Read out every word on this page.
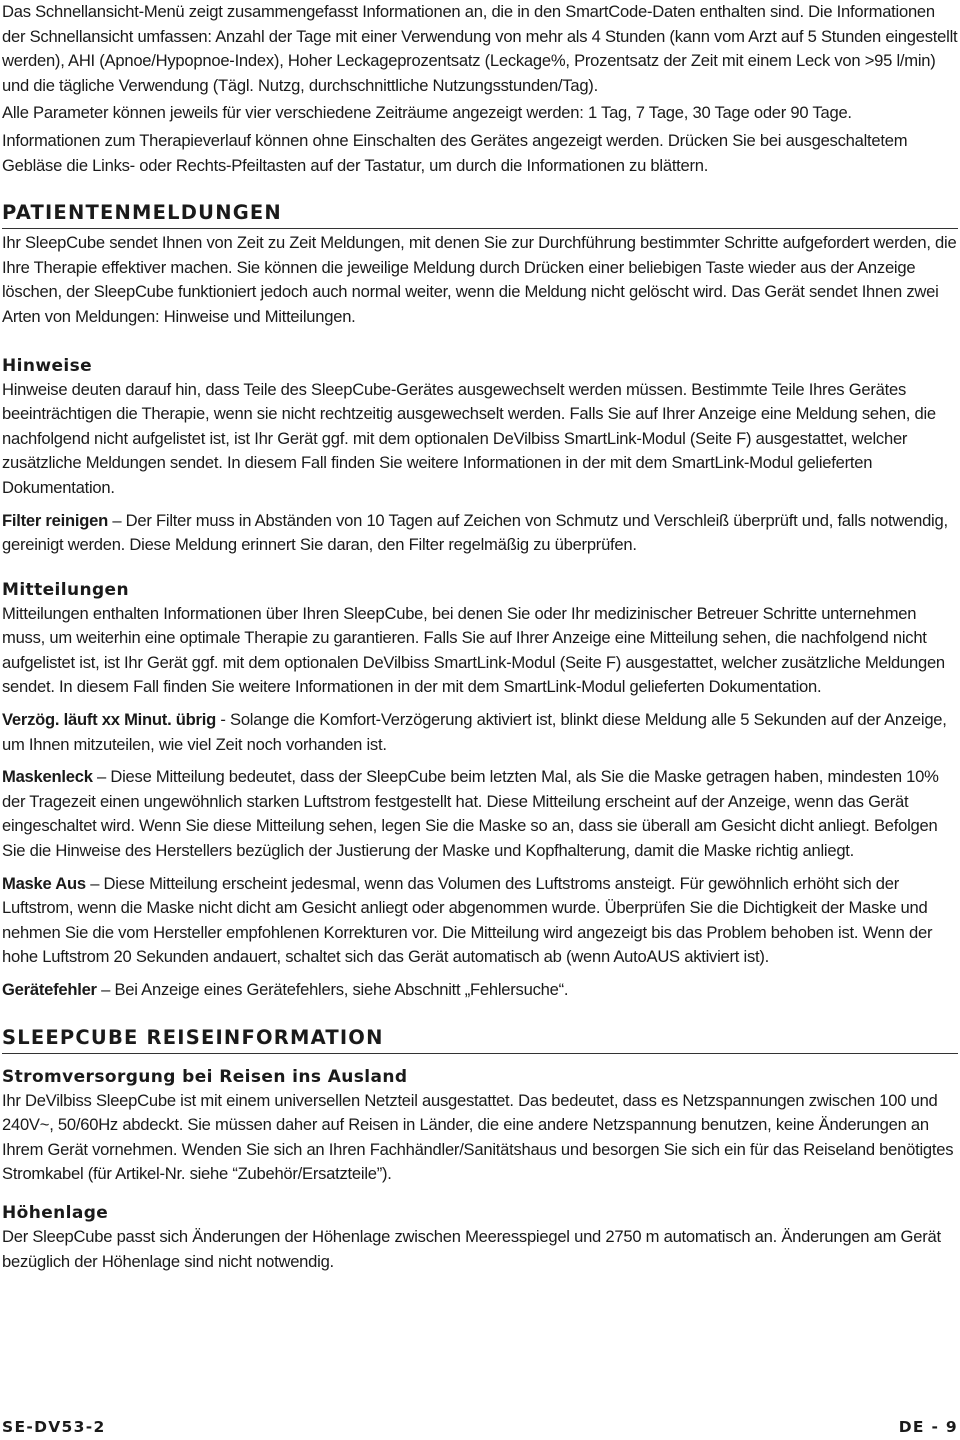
Das Schnellansicht-Menü zeigt zusammengefasst Informationen an, die in den SmartCode-Daten enthalten sind. Die Informationen der Schnellansicht umfassen: Anzahl der Tage mit einer Verwendung von mehr als 4 Stunden (kann vom Arzt auf 5 Stunden eingestellt werden), AHI (Apnoe/Hypopnoe-Index), Hoher Leckageprozentsatz (Leckage%, Prozentsatz der Zeit mit einem Leck von >95 l/min) und die tägliche Verwendung (Tägl. Nutzg, durchschnittliche Nutzungsstunden/Tag).

Alle Parameter können jeweils für vier verschiedene Zeiträume angezeigt werden: 1 Tag, 7 Tage, 30 Tage oder 90 Tage.

Informationen zum Therapieverlauf können ohne Einschalten des Gerätes angezeigt werden. Drücken Sie bei ausgeschaltetem Gebläse die Links- oder Rechts-Pfeiltasten auf der Tastatur, um durch die Informationen zu blättern.

PATIENTENMELDUNGEN

Ihr SleepCube sendet Ihnen von Zeit zu Zeit Meldungen, mit denen Sie zur Durchführung bestimmter Schritte aufgefordert werden, die Ihre Therapie effektiver machen. Sie können die jeweilige Meldung durch Drücken einer beliebigen Taste wieder aus der Anzeige löschen, der SleepCube funktioniert jedoch auch normal weiter, wenn die Meldung nicht gelöscht wird. Das Gerät sendet Ihnen zwei Arten von Meldungen: Hinweise und Mitteilungen.

Hinweise

Hinweise deuten darauf hin, dass Teile des SleepCube-Gerätes ausgewechselt werden müssen. Bestimmte Teile Ihres Gerätes beeinträchtigen die Therapie, wenn sie nicht rechtzeitig ausgewechselt werden. Falls Sie auf Ihrer Anzeige eine Meldung sehen, die nachfolgend nicht aufgelistet ist, ist Ihr Gerät ggf. mit dem optionalen DeVilbiss SmartLink-Modul (Seite F) ausgestattet, welcher zusätzliche Meldungen sendet. In diesem Fall finden Sie weitere Informationen in der mit dem SmartLink-Modul gelieferten Dokumentation.

Filter reinigen – Der Filter muss in Abständen von 10 Tagen auf Zeichen von Schmutz und Verschleiß überprüft und, falls notwendig, gereinigt werden. Diese Meldung erinnert Sie daran, den Filter regelmäßig zu überprüfen.

Mitteilungen

Mitteilungen enthalten Informationen über Ihren SleepCube, bei denen Sie oder Ihr medizinischer Betreuer Schritte unternehmen muss, um weiterhin eine optimale Therapie zu garantieren. Falls Sie auf Ihrer Anzeige eine Mitteilung sehen, die nachfolgend nicht aufgelistet ist, ist Ihr Gerät ggf. mit dem optionalen DeVilbiss SmartLink-Modul (Seite F) ausgestattet, welcher zusätzliche Meldungen sendet. In diesem Fall finden Sie weitere Informationen in der mit dem SmartLink-Modul gelieferten Dokumentation.

Verzög. läuft xx Minut. übrig - Solange die Komfort-Verzögerung aktiviert ist, blinkt diese Meldung alle 5 Sekunden auf der Anzeige, um Ihnen mitzuteilen, wie viel Zeit noch vorhanden ist.

Maskenleck – Diese Mitteilung bedeutet, dass der SleepCube beim letzten Mal, als Sie die Maske getragen haben, mindesten 10% der Tragezeit einen ungewöhnlich starken Luftstrom festgestellt hat. Diese Mitteilung erscheint auf der Anzeige, wenn das Gerät eingeschaltet wird. Wenn Sie diese Mitteilung sehen, legen Sie die Maske so an, dass sie überall am Gesicht dicht anliegt. Befolgen Sie die Hinweise des Herstellers bezüglich der Justierung der Maske und Kopfhalterung, damit die Maske richtig anliegt.

Maske Aus – Diese Mitteilung erscheint jedesmal, wenn das Volumen des Luftstroms ansteigt. Für gewöhnlich erhöht sich der Luftstrom, wenn die Maske nicht dicht am Gesicht anliegt oder abgenommen wurde. Überprüfen Sie die Dichtigkeit der Maske und nehmen Sie die vom Hersteller empfohlenen Korrekturen vor. Die Mitteilung wird angezeigt bis das Problem behoben ist. Wenn der hohe Luftstrom 20 Sekunden andauert, schaltet sich das Gerät automatisch ab (wenn AutoAUS aktiviert ist).

Gerätefehler – Bei Anzeige eines Gerätefehlers, siehe Abschnitt „Fehlersuche“.

SLEEPCUBE REISEINFORMATION
Stromversorgung bei Reisen ins Ausland

Ihr DeVilbiss SleepCube ist mit einem universellen Netzteil ausgestattet. Das bedeutet, dass es Netzspannungen zwischen 100 und 240V~, 50/60Hz abdeckt. Sie müssen daher auf Reisen in Länder, die eine andere Netzspannung benutzen, keine Änderungen an Ihrem Gerät vornehmen. Wenden Sie sich an Ihren Fachhändler/Sanitätshaus und besorgen Sie sich ein für das Reiseland benötigtes Stromkabel (für Artikel-Nr. siehe “Zubehör/Ersatzteile”).

Höhenlage

Der SleepCube passt sich Änderungen der Höhenlage zwischen Meeresspiegel und 2750 m automatisch an. Änderungen am Gerät bezüglich der Höhenlage sind nicht notwendig.

SE-DV53-2	DE - 9
